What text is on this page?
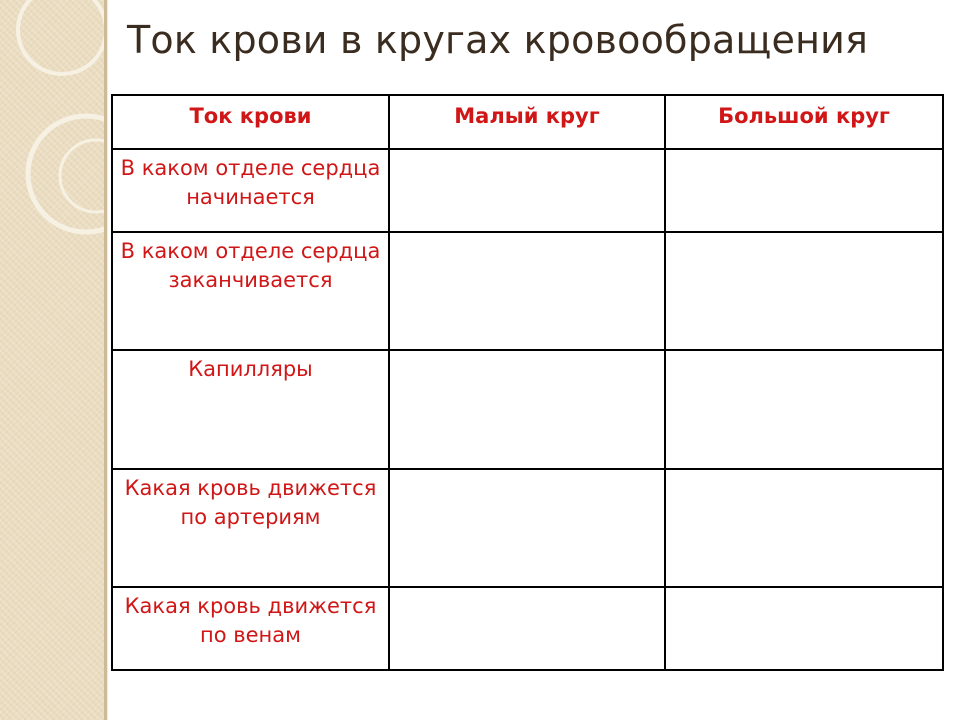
Ток крови в кругах кровообращения
Ток крови	Малый круг	Большой круг
В каком отделе сердца начинается		
В каком отделе сердца заканчивается		
Капилляры		
Какая кровь движется по артериям		
Какая кровь движется по венам		
